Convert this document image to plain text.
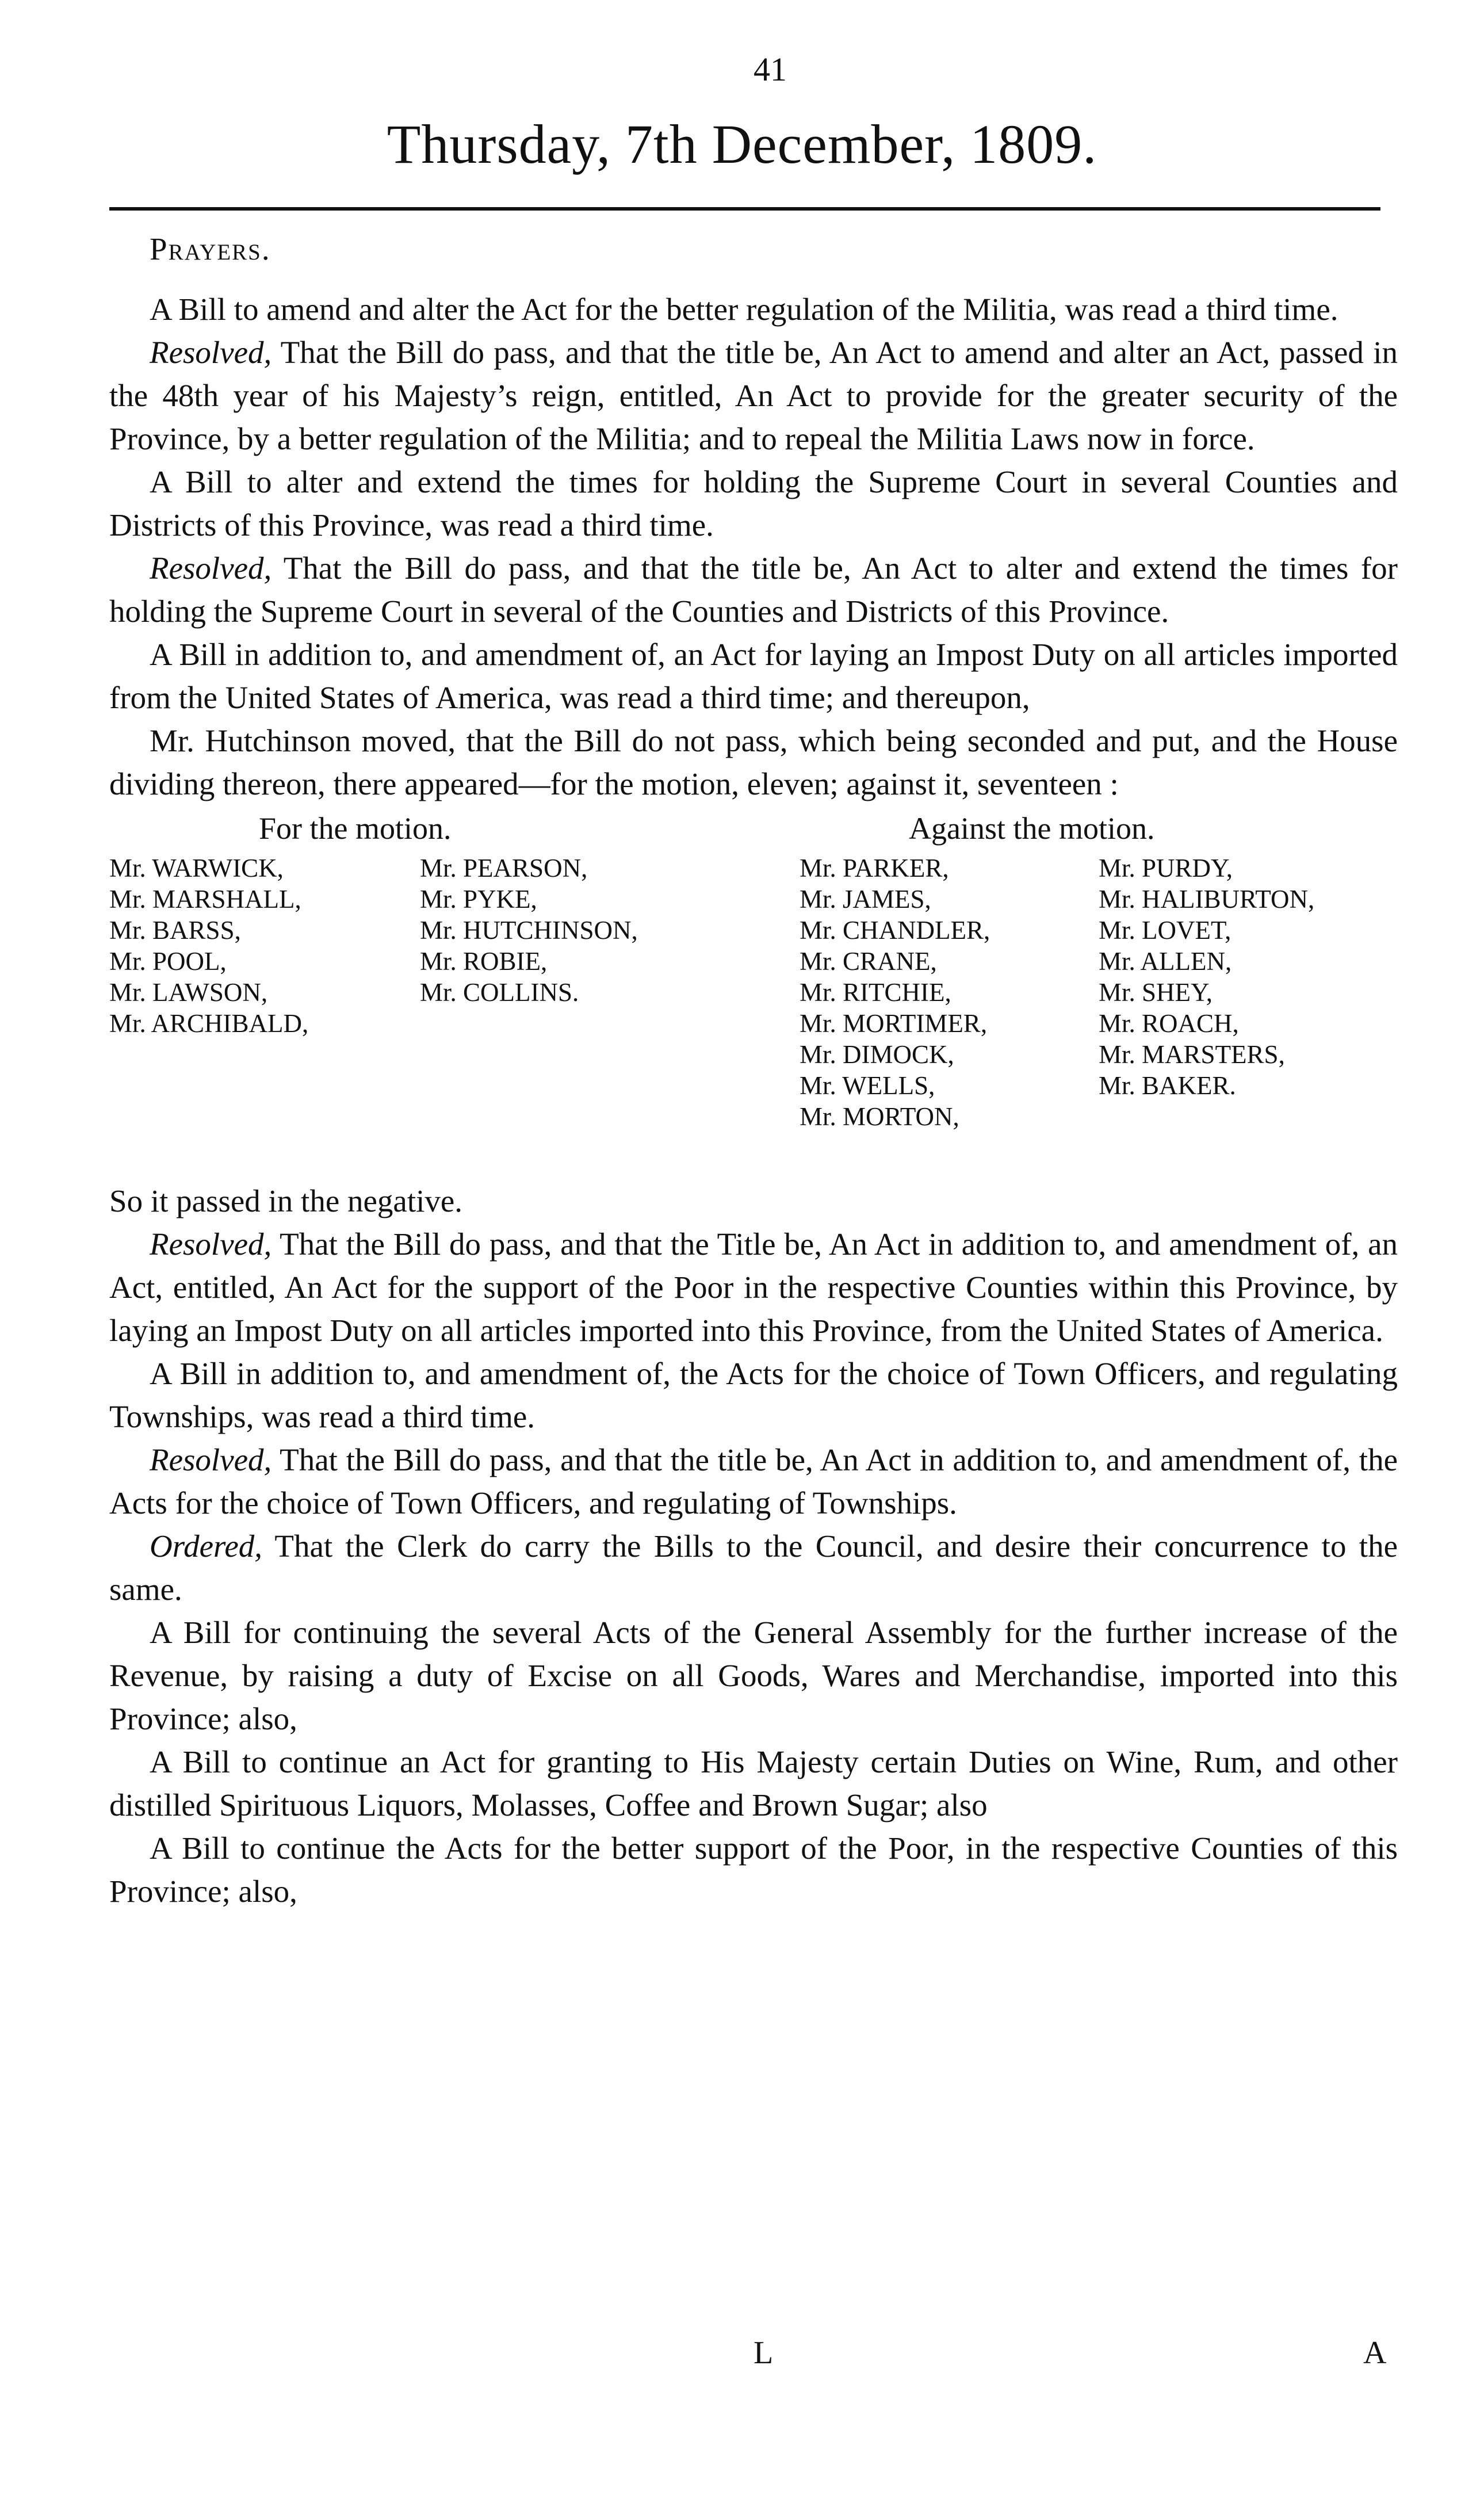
41
Thursday, 7th December, 1809.

Prayers.

A Bill to amend and alter the Act for the better regulation of the Militia, was read a third time.

Resolved, That the Bill do pass, and that the title be, An Act to amend and alter an Act, passed in the 48th year of his Majesty’s reign, entitled, An Act to provide for the greater security of the Province, by a better regulation of the Militia; and to repeal the Militia Laws now in force.

A Bill to alter and extend the times for holding the Supreme Court in several Counties and Districts of this Province, was read a third time.

Resolved, That the Bill do pass, and that the title be, An Act to alter and extend the times for holding the Supreme Court in several of the Counties and Districts of this Province.

A Bill in addition to, and amendment of, an Act for laying an Impost Duty on all articles imported from the United States of America, was read a third time; and thereupon,

Mr. Hutchinson moved, that the Bill do not pass, which being seconded and put, and the House dividing thereon, there appeared—for the motion, eleven; against it, seventeen :

For the motion.	Against the motion.
Mr. WARWICK,
Mr. MARSHALL,
Mr. BARSS,
Mr. POOL,
Mr. LAWSON,
Mr. ARCHIBALD,
Mr. PEARSON,
Mr. PYKE,
Mr. HUTCHINSON,
Mr. ROBIE,
Mr. COLLINS.
Mr. PARKER,
Mr. JAMES,
Mr. CHANDLER,
Mr. CRANE,
Mr. RITCHIE,
Mr. MORTIMER,
Mr. DIMOCK,
Mr. WELLS,
Mr. MORTON,
Mr. PURDY,
Mr. HALIBURTON,
Mr. LOVET,
Mr. ALLEN,
Mr. SHEY,
Mr. ROACH,
Mr. MARSTERS,
Mr. BAKER.

So it passed in the negative.

Resolved, That the Bill do pass, and that the Title be, An Act in addition to, and amendment of, an Act, entitled, An Act for the support of the Poor in the respective Counties within this Province, by laying an Impost Duty on all articles imported into this Province, from the United States of America.

A Bill in addition to, and amendment of, the Acts for the choice of Town Officers, and regulating Townships, was read a third time.

Resolved, That the Bill do pass, and that the title be, An Act in addition to, and amendment of, the Acts for the choice of Town Officers, and regulating of Townships.

Ordered, That the Clerk do carry the Bills to the Council, and desire their concurrence to the same.

A Bill for continuing the several Acts of the General Assembly for the further increase of the Revenue, by raising a duty of Excise on all Goods, Wares and Merchandise, imported into this Province; also,

A Bill to continue an Act for granting to His Majesty certain Duties on Wine, Rum, and other distilled Spirituous Liquors, Molasses, Coffee and Brown Sugar; also

A Bill to continue the Acts for the better support of the Poor, in the respective Counties of this Province; also,

L	A
